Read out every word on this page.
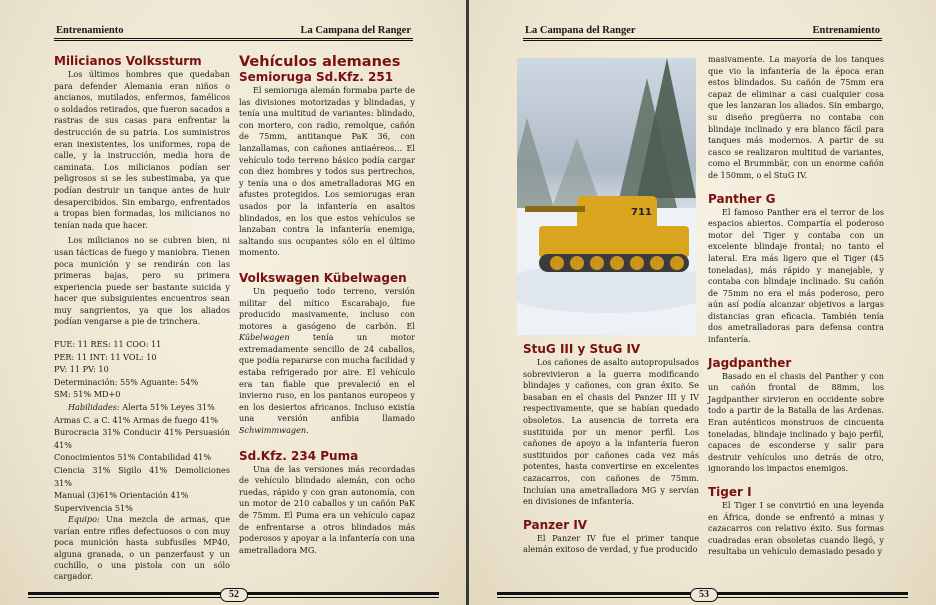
Entrenamiento	La Campana del Ranger
Milicianos Volkssturm

Los últimos hombres que quedaban para defender Alemania eran niños o ancianos, mutilados, enfermos, famélicos o soldados retirados, que fueron sacados a rastras de sus casas para enfrentar la destrucción de su patria. Los suministros eran inexistentes, los uniformes, ropa de calle, y la instrucción, media hora de caminata. Los milicianos podían ser peligrosos si se les subestimaba, ya que podían destruir un tanque antes de huir desapercibidos. Sin embargo, enfrentados a tropas bien formadas, los milicianos no tenían nada que hacer.

Los milicianos no se cubren bien, ni usan tácticas de fuego y maniobra. Tienen poca munición y se rendirán con las primeras bajas, pero su primera experiencia puede ser bastante suicida y hacer que subsiguientes encuentros sean muy sangrientos, ya que los aliados podían vengarse a pie de trinchera.

FUE: 11 RES: 11 COO: 11
PER: 11 INT: 11 VOL: 10
PV: 11 PV: 10
Determinación: 55% Aguante: 54%
SM: 51% MD+0
Habilidades: Alerta 51% Leyes 31%
Armas C. a C. 41% Armas de fuego 41%
Burocracia 31% Conducir 41% Persuasión 41%
Conocimientos 51% Contabilidad 41%
Ciencia 31% Sigilo 41% Demoliciones 31%
Manual (3)61% Orientación 41%
Supervivencia 51%

Equipo: Una mezcla de armas, que varían entre rifles defectuosos o con muy poca munición hasta subfusiles MP40, alguna granada, o un panzerfaust y un cuchillo, o una pistola con un sólo cargador.

Vehículos alemanes
Semioruga Sd.Kfz. 251

El semioruga alemán formaba parte de las divisiones motorizadas y blindadas, y tenía una multitud de variantes: blindado, con mortero, con radio, remolque, cañón de 75mm, antitanque PaK 36, con lanzallamas, con cañones antiaéreos… El vehículo todo terreno básico podía cargar con diez hombres y todos sus pertrechos, y tenía una o dos ametralladoras MG en afustes protegidos. Los semiorugas eran usados por la infantería en asaltos blindados, en los que estos vehículos se lanzaban contra la infantería enemiga, saltando sus ocupantes sólo en el último momento.

Volkswagen Kübelwagen

Un pequeño todo terreno, versión militar del mítico Escarabajo, fue producido masivamente, incluso con motores a gasógeno de carbón. El Kübelwagen	tenía un motor extremadamente sencillo de 24 caballos, que podía repararse con mucha facilidad y estaba refrigerado por aire. El vehículo era tan fiable que prevaleció en el invierno ruso, en los pantanos europeos y en los desiertos africanos. Incluso existía una versión anfibia llamado Schwimmwagen.

Sd.Kfz. 234 Puma

Una de las versiones más recordadas de vehículo blindado alemán, con ocho ruedas, rápido y con gran autonomía, con un motor de 210 caballos y un cañón PaK de 75mm. El Puma era un vehículo capaz de enfrentarse a otros blindados más poderosos y apoyar a la infantería con una ametralladora MG.

52
La Campana del Ranger	Entrenamiento
711
StuG III y StuG IV

Los cañones de asalto autopropulsados sobrevivieron a la guerra modificando blindajes y cañones, con gran éxito. Se basaban en el chasis del Panzer III y IV respectivamente, que se habían quedado obsoletos. La ausencia de torreta era sustituida por un menor perfil. Los cañones de apoyo a la infantería fueron sustituidos por cañones cada vez más potentes, hasta convertirse en excelentes cazacarros, con cañones de 75mm. Incluían una ametralladora MG y servían en divisiones de infantería.

Panzer IV

El Panzer IV fue el primer tanque alemán exitoso de verdad, y fue producido

masivamente. La mayoría de los tanques que vio la infantería de la época eran estos blindados. Su cañón de 75mm era capaz de eliminar a casi cualquier cosa que les lanzaran los aliados. Sin embargo, su diseño pregüerra no contaba con blindaje inclinado y era blanco fácil para tanques más modernos. A partir de su casco se realizaron multitud de variantes, como el Brummbär, con un enorme cañón de 150mm, o el StuG IV.

Panther G

El famoso Panther era el terror de los espacios abiertos. Compartía el poderoso motor del Tiger y contaba con un excelente blindaje frontal; no tanto el lateral. Era más ligero que el Tiger (45 toneladas), más rápido y manejable, y contaba con blindaje inclinado. Su cañón de 75mm no era el más poderoso, pero aún así podía alcanzar objetivos a largas distancias gran eficacia. También tenía dos ametralladoras para defensa contra infantería.

Jagdpanther

Basado en el chasis del Panther y con un cañón frontal de 88mm, los Jagdpanther sirvieron en occidente sobre todo a partir de la Batalla de las Ardenas. Eran auténticos monstruos de cincuenta toneladas, blindaje inclinado y bajo perfil, capaces de esconderse y salir para destruir vehículos uno detrás de otro, ignorando los impactos enemigos.

Tiger I

El Tiger I se convirtió en una leyenda en África, donde se enfrentó a minas y cazacarros con relativo éxito. Sus formas cuadradas eran obsoletas cuando llegó, y resultaba un vehículo demasiado pesado y

53
